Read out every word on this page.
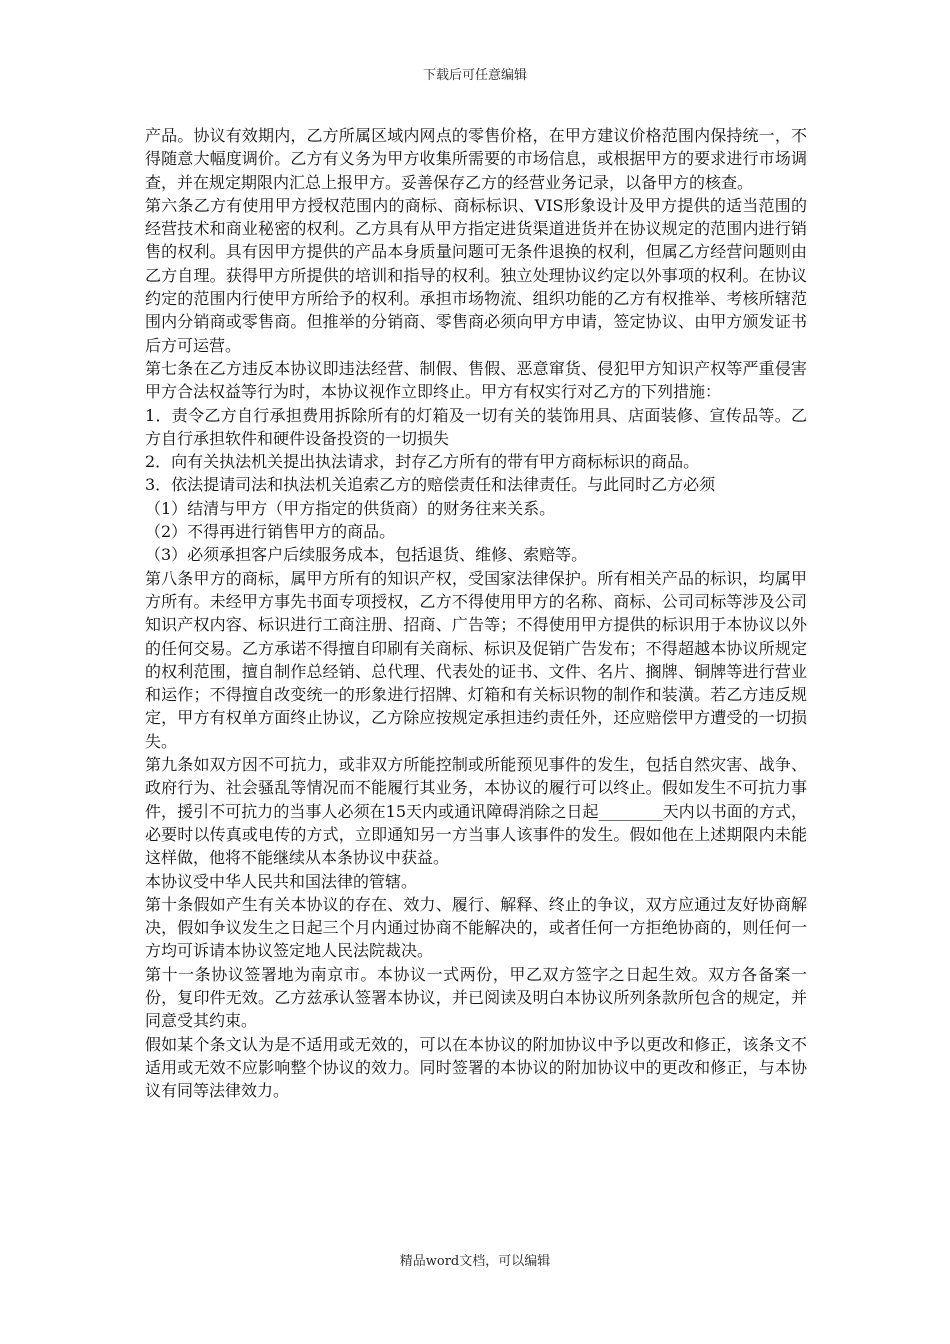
下载后可任意编辑

产品。协议有效期内，乙方所属区域内网点的零售价格，在甲方建议价格范围内保持统一，不得随意大幅度调价。乙方有义务为甲方收集所需要的市场信息，或根据甲方的要求进行市场调查，并在规定期限内汇总上报甲方。妥善保存乙方的经营业务记录，以备甲方的核查。

第六条乙方有使用甲方授权范围内的商标、商标标识、VIS形象设计及甲方提供的适当范围的经营技术和商业秘密的权利。乙方具有从甲方指定进货渠道进货并在协议规定的范围内进行销售的权利。具有因甲方提供的产品本身质量问题可无条件退换的权利，但属乙方经营问题则由乙方自理。获得甲方所提供的培训和指导的权利。独立处理协议约定以外事项的权利。在协议约定的范围内行使甲方所给予的权利。承担市场物流、组织功能的乙方有权推举、考核所辖范围内分销商或零售商。但推举的分销商、零售商必须向甲方申请，签定协议、由甲方颁发证书后方可运营。

第七条在乙方违反本协议即违法经营、制假、售假、恶意窜货、侵犯甲方知识产权等严重侵害甲方合法权益等行为时，本协议视作立即终止。甲方有权实行对乙方的下列措施：

1．责令乙方自行承担费用拆除所有的灯箱及一切有关的装饰用具、店面装修、宣传品等。乙方自行承担软件和硬件设备投资的一切损失

2．向有关执法机关提出执法请求，封存乙方所有的带有甲方商标标识的商品。

3．依法提请司法和执法机关追索乙方的赔偿责任和法律责任。与此同时乙方必须

（1）结清与甲方（甲方指定的供货商）的财务往来关系。

（2）不得再进行销售甲方的商品。

（3）必须承担客户后续服务成本，包括退货、维修、索赔等。

第八条甲方的商标，属甲方所有的知识产权，受国家法律保护。所有相关产品的标识，均属甲方所有。未经甲方事先书面专项授权，乙方不得使用甲方的名称、商标、公司司标等涉及公司知识产权内容、标识进行工商注册、招商、广告等；不得使用甲方提供的标识用于本协议以外的任何交易。乙方承诺不得擅自印刷有关商标、标识及促销广告发布；不得超越本协议所规定的权利范围，擅自制作总经销、总代理、代表处的证书、文件、名片、搁牌、铜牌等进行营业和运作；不得擅自改变统一的形象进行招牌、灯箱和有关标识物的制作和装潢。若乙方违反规定，甲方有权单方面终止协议，乙方除应按规定承担违约责任外，还应赔偿甲方遭受的一切损失。

第九条如双方因不可抗力，或非双方所能控制或所能预见事件的发生，包括自然灾害、战争、政府行为、社会骚乱等情况而不能履行其业务，本协议的履行可以终止。假如发生不可抗力事件，援引不可抗力的当事人必须在15天内或通讯障碍消除之日起________天内以书面的方式，必要时以传真或电传的方式，立即通知另一方当事人该事件的发生。假如他在上述期限内未能这样做，他将不能继续从本条协议中获益。

本协议受中华人民共和国法律的管辖。

第十条假如产生有关本协议的存在、效力、履行、解释、终止的争议，双方应通过友好协商解决，假如争议发生之日起三个月内通过协商不能解决的，或者任何一方拒绝协商的，则任何一方均可诉请本协议签定地人民法院裁决。

第十一条协议签署地为南京市。本协议一式两份，甲乙双方签字之日起生效。双方各备案一份，复印件无效。乙方兹承认签署本协议，并已阅读及明白本协议所列条款所包含的规定，并同意受其约束。

假如某个条文认为是不适用或无效的，可以在本协议的附加协议中予以更改和修正，该条文不适用或无效不应影响整个协议的效力。同时签署的本协议的附加协议中的更改和修正，与本协议有同等法律效力。

精品word文档，可以编辑
